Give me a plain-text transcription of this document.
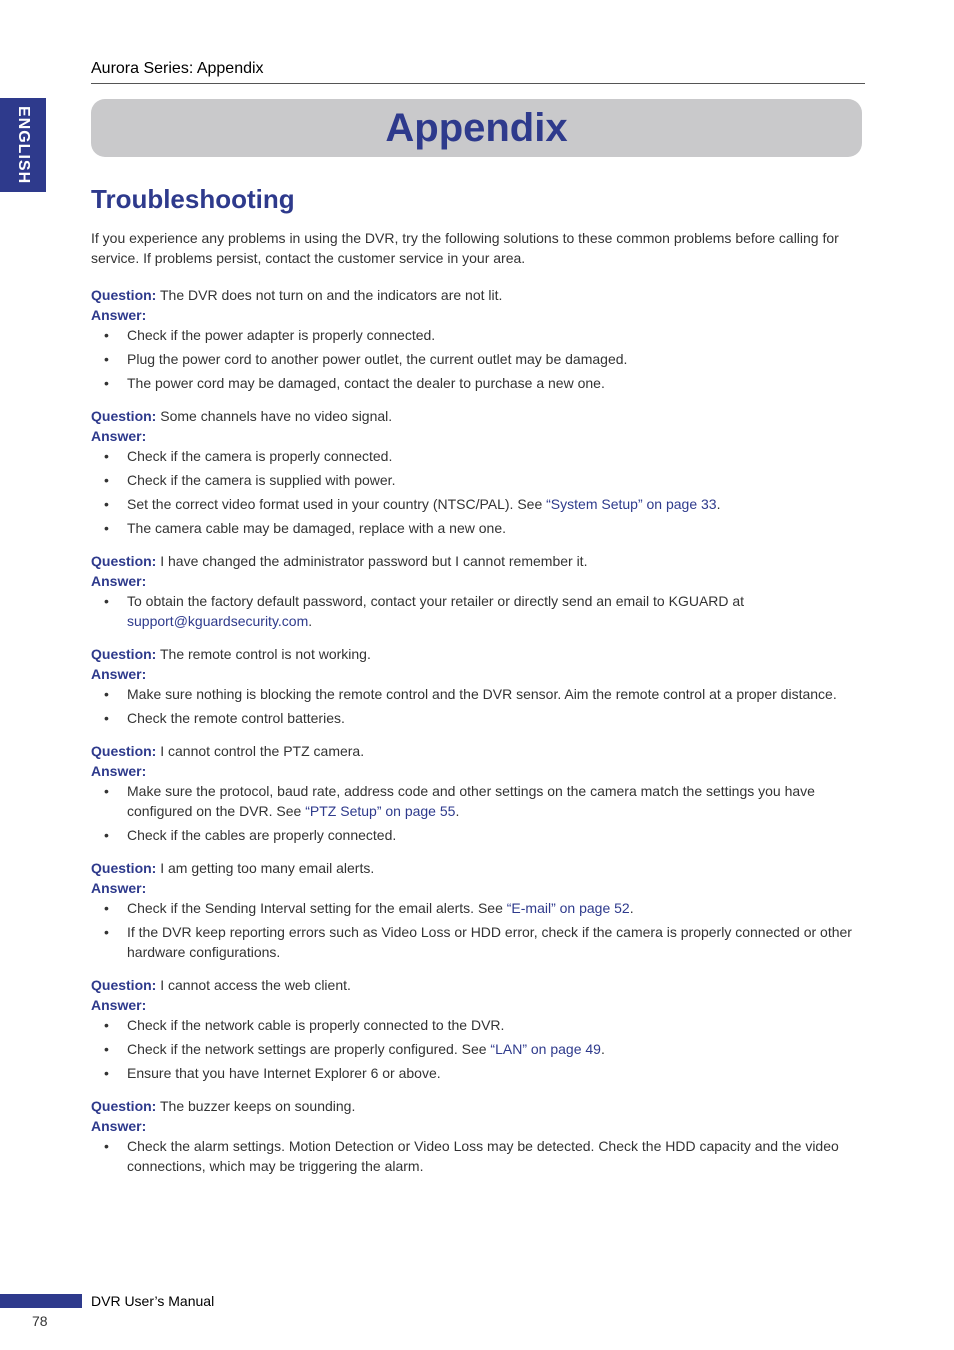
Aurora Series: Appendix
ENGLISH	Appendix
Troubleshooting

If you experience any problems in using the DVR, try the following solutions to these common problems before calling for service. If problems persist, contact the customer service in your area.

Question: The DVR does not turn on and the indicators are not lit.

Answer:

• Check if the power adapter is properly connected.
• Plug the power cord to another power outlet, the current outlet may be damaged.
• The power cord may be damaged, contact the dealer to purchase a new one.

Question: Some channels have no video signal.

Answer:

• Check if the camera is properly connected.
• Check if the camera is supplied with power.
• Set the correct video format used in your country (NTSC/PAL). See “System Setup” on page 33.
• The camera cable may be damaged, replace with a new one.

Question: I have changed the administrator password but I cannot remember it.

Answer:

• To obtain the factory default password, contact your retailer or directly send an email to KGUARD at support@kguardsecurity.com.

Question: The remote control is not working.

Answer:

• Make sure nothing is blocking the remote control and the DVR sensor. Aim the remote control at a proper distance.
• Check the remote control batteries.

Question: I cannot control the PTZ camera.

Answer:

• Make sure the protocol, baud rate, address code and other settings on the camera match the settings you have configured on the DVR. See “PTZ Setup” on page 55.
• Check if the cables are properly connected.

Question: I am getting too many email alerts.

Answer:

• Check if the Sending Interval setting for the email alerts. See “E-mail” on page 52.
• If the DVR keep reporting errors such as Video Loss or HDD error, check if the camera is properly connected or other hardware configurations.

Question: I cannot access the web client.

Answer:

• Check if the network cable is properly connected to the DVR.
• Check if the network settings are properly configured. See “LAN” on page 49.
• Ensure that you have Internet Explorer 6 or above.

Question: The buzzer keeps on sounding.

Answer:

• Check the alarm settings. Motion Detection or Video Loss may be detected. Check the HDD capacity and the video connections, which may be triggering the alarm.
DVR User’s Manual
78
